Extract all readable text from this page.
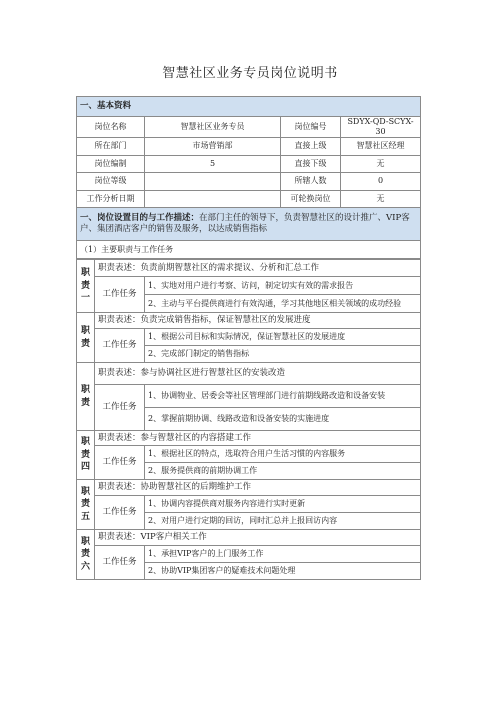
智慧社区业务专员岗位说明书
一、基本资料			
岗位名称	智慧社区业务专员	岗位编号	SDYX-QD-SCYX-30
所在部门	市场营销部	直接上级	智慧社区经理
岗位编制	5	直接下级	无
岗位等级		所辖人数	0
工作分析日期		可轮换岗位	无
一、岗位设置目的与工作描述：在部门主任的领导下，负责智慧社区的设计推广、VIP客 户、集团酒店客户的销售及服务，以达成销售指标			
（1）主要职责与工作任务			
职
责
一	职责表述：负责前期智慧社区的需求提议、分析和汇总工作	
	工作任务	1、实地对用户进行考察、访问，制定切实有效的需求报告
		2、主动与平台提供商进行有效沟通，学习其他地区相关领域的成功经验

职
责	职责表述：负责完成销售指标，保证智慧社区的发展进度	
	工作任务	1、根据公司目标和实际情况，保证智慧社区的发展进度
		2、完成部门制定的销售指标

职
责	职责表述：参与协调社区进行智慧社区的安装改造	
	工作任务	1、协调物业、居委会等社区管理部门进行前期线路改造和设备安装
		2、掌握前期协调、线路改造和设备安装的实施进度

职
责
四	职责表述：参与智慧社区的内容搭建工作	
	工作任务	1、根据社区的特点，选取符合用户生活习惯的内容服务
		2、服务提供商的前期协调工作

职
责
五	职责表述：协助智慧社区的后期维护工作	
	工作任务	1、协调内容提供商对服务内容进行实时更新
		2、对用户进行定期的回访，同时汇总并上报回访内容

职
责
六	职责表述：VIP客户相关工作	
	工作任务	1、承担VIP客户的上门服务工作
		2、协助VIP集团客户的疑难技术问题处理
